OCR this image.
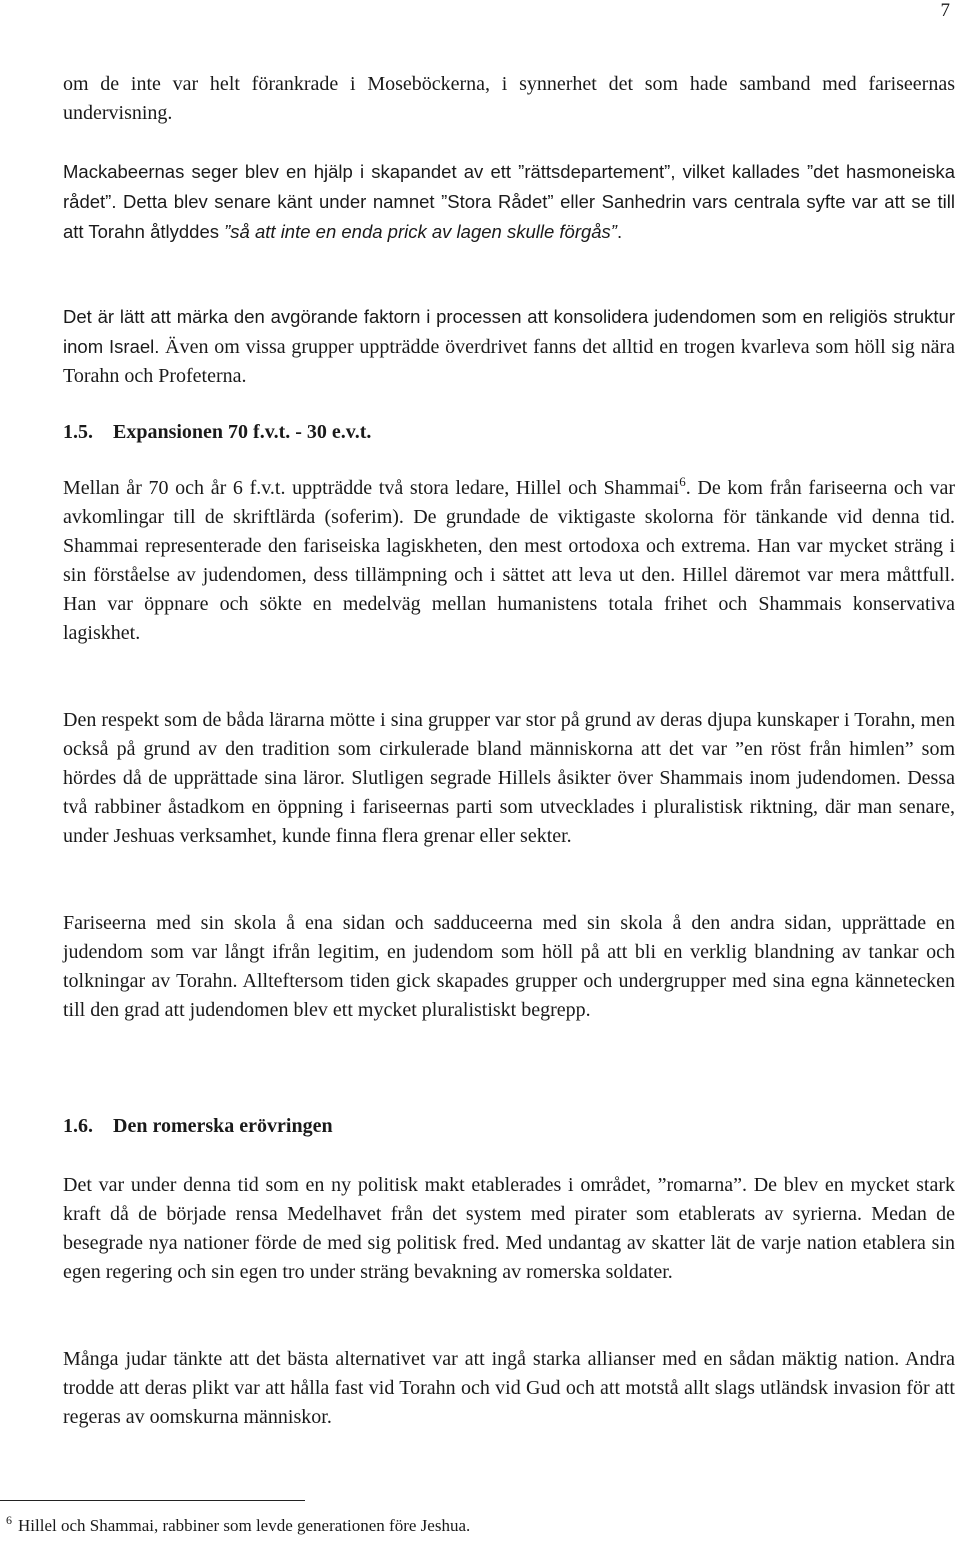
7

om de inte var helt förankrade i Moseböckerna, i synnerhet det som hade samband med fariseernas undervisning.

Mackabeernas seger blev en hjälp i skapandet av ett ”rättsdepartement”, vilket kallades ”det hasmoneiska rådet”. Detta blev senare känt under namnet ”Stora Rådet” eller Sanhedrin vars centrala syfte var att se till att Torahn åtlyddes ”så att inte en enda prick av lagen skulle förgås”.

Det är lätt att märka den avgörande faktorn i processen att konsolidera judendomen som en religiös struktur inom Israel. Även om vissa grupper uppträdde överdrivet fanns det alltid en trogen kvarleva som höll sig nära Torahn och Profeterna.

1.5. Expansionen 70 f.v.t. - 30 e.v.t.

Mellan år 70 och år 6 f.v.t. uppträdde två stora ledare, Hillel och Shammai$^6$. De kom från fariseerna och var avkomlingar till de skriftlärda (soferim). De grundade de viktigaste skolorna för tänkande vid denna tid. Shammai representerade den fariseiska lagiskheten, den mest ortodoxa och extrema. Han var mycket sträng i sin förståelse av judendomen, dess tillämpning och i sättet att leva ut den. Hillel däremot var mera måttfull. Han var öppnare och sökte en medelväg mellan humanistens totala frihet och Shammais konservativa lagiskhet.

Den respekt som de båda lärarna mötte i sina grupper var stor på grund av deras djupa kunskaper i Torahn, men också på grund av den tradition som cirkulerade bland människorna att det var ”en röst från himlen” som hördes då de upprättade sina läror. Slutligen segrade Hillels åsikter över Shammais inom judendomen. Dessa två rabbiner åstadkom en öppning i fariseernas parti som utvecklades i pluralistisk riktning, där man senare, under Jeshuas verksamhet, kunde finna flera grenar eller sekter.

Fariseerna med sin skola å ena sidan och sadduceerna med sin skola å den andra sidan, upprättade en judendom som var långt ifrån legitim, en judendom som höll på att bli en verklig blandning av tankar och tolkningar av Torahn. Allteftersom tiden gick skapades grupper och undergrupper med sina egna kännetecken till den grad att judendomen blev ett mycket pluralistiskt begrepp.

1.6. Den romerska erövringen

Det var under denna tid som en ny politisk makt etablerades i området, ”romarna”. De blev en mycket stark kraft då de började rensa Medelhavet från det system med pirater som etablerats av syrierna. Medan de besegrade nya nationer förde de med sig politisk fred. Med undantag av skatter lät de varje nation etablera sin egen regering och sin egen tro under sträng bevakning av romerska soldater.

Många judar tänkte att det bästa alternativet var att ingå starka allianser med en sådan mäktig nation. Andra trodde att deras plikt var att hålla fast vid Torahn och vid Gud och att motstå allt slags utländsk invasion för att regeras av oomskurna människor.

$^6$ Hillel och Shammai, rabbiner som levde generationen före Jeshua.
